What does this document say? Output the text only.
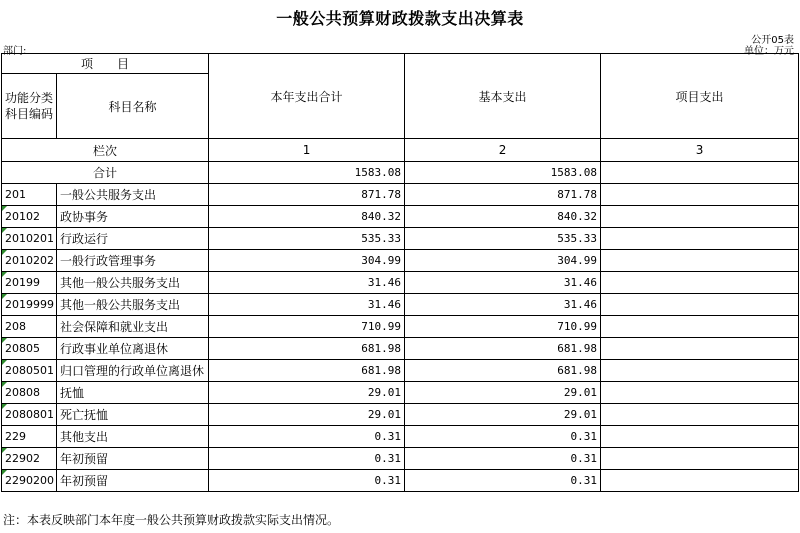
一般公共预算财政拨款支出决算表
公开05表
部门:	单位：万元
项　　目		本年支出合计	基本支出	项目支出
功能分类
科目编码	科目名称			
栏次		1	2	3
合计		1583.08	1583.08	
201	一般公共服务支出	871.78	871.78	
20102	政协事务	840.32	840.32	
2010201	行政运行	535.33	535.33	
2010202	一般行政管理事务	304.99	304.99	
20199	其他一般公共服务支出	31.46	31.46	
2019999	其他一般公共服务支出	31.46	31.46	
208	社会保障和就业支出	710.99	710.99	
20805	行政事业单位离退休	681.98	681.98	
2080501	归口管理的行政单位离退休	681.98	681.98	
20808	抚恤	29.01	29.01	
2080801	死亡抚恤	29.01	29.01	
229	其他支出	0.31	0.31	
22902	年初预留	0.31	0.31	
2290200	年初预留	0.31	0.31	
注：本表反映部门本年度一般公共预算财政拨款实际支出情况。
